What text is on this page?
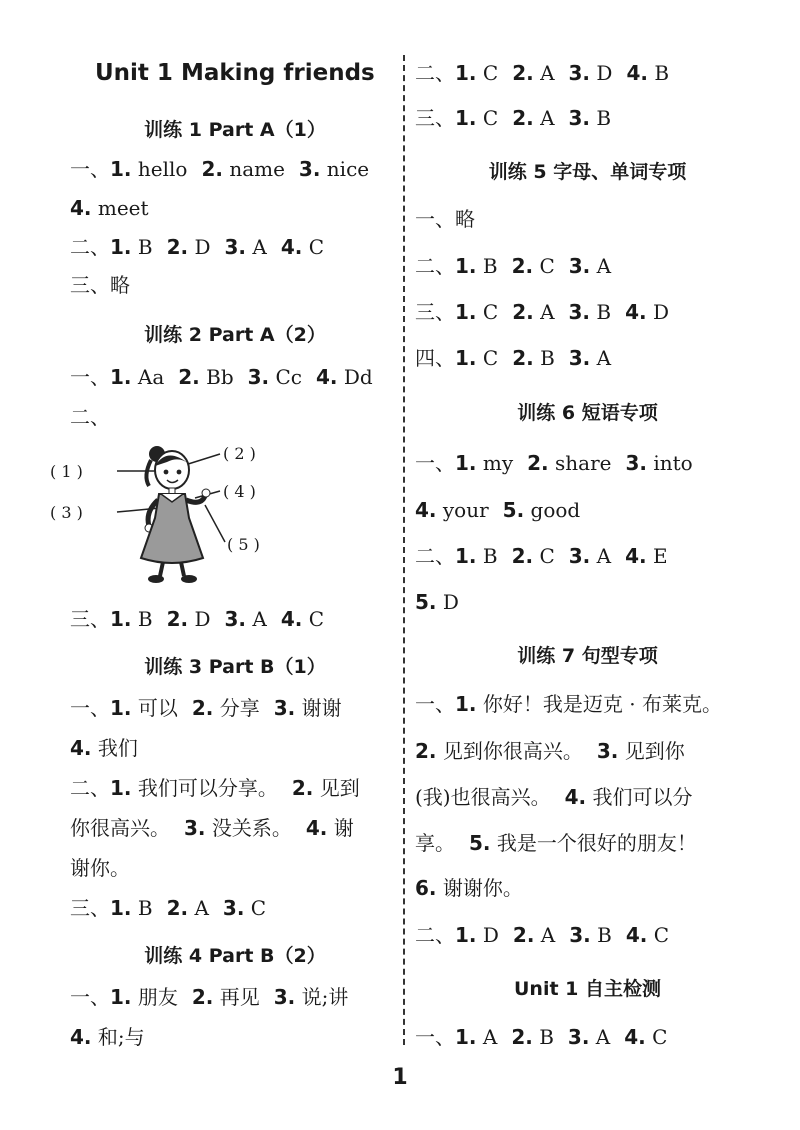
Unit 1 Making friends
训练 1 Part A（1）
一、1. hello 2. name 3. nice
4. meet
二、1. B 2. D 3. A 4. C
三、略
训练 2 Part A（2）
一、1. Aa 2. Bb 3. Cc 4. Dd
二、
( 1 )
( 2 )
( 3 )
( 4 )
( 5 )
三、1. B 2. D 3. A 4. C
训练 3 Part B（1）
一、1. 可以 2. 分享 3. 谢谢
4. 我们
二、1. 我们可以分享。 2. 见到
你很高兴。 3. 没关系。 4. 谢
谢你。
三、1. B 2. A 3. C
训练 4 Part B（2）
一、1. 朋友 2. 再见 3. 说;讲
4. 和;与
二、1. C 2. A 3. D 4. B
三、1. C 2. A 3. B
训练 5 字母、单词专项
一、略
二、1. B 2. C 3. A
三、1. C 2. A 3. B 4. D
四、1. C 2. B 3. A
训练 6 短语专项
一、1. my 2. share 3. into
4. your 5. good
二、1. B 2. C 3. A 4. E
5. D
训练 7 句型专项
一、1. 你好！我是迈克 · 布莱克。
2. 见到你很高兴。 3. 见到你
(我)也很高兴。 4. 我们可以分
享。 5. 我是一个很好的朋友！
6. 谢谢你。
二、1. D 2. A 3. B 4. C
Unit 1 自主检测
一、1. A 2. B 3. A 4. C
1
